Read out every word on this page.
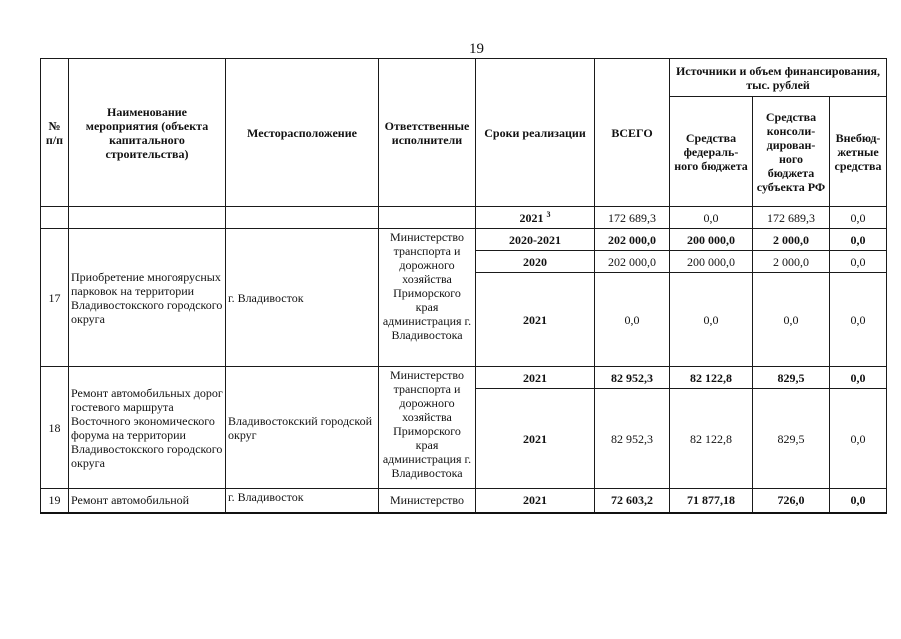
19
№ п/п	Наименование мероприятия (объекта капитального строительства)	Месторасположение	Ответственные исполнители	Сроки реализации	ВСЕГО	Источники и объем финансирования, тыс. рублей		
						Средства федераль-ного бюджета	Средства консоли-дирован-ного бюджета субъекта РФ	Внебюд-жетные средства
				2021 $^3$	172 689,3	0,0	172 689,3	0,0
17	Приобретение многоярусных парковок на территории Владивостокского городского округа	г. Владивосток	Министерство транспорта и дорожного хозяйства Приморского края администрация г. Владивостока	2020-2021	202 000,0	200 000,0	2 000,0	0,0
				2020	202 000,0	200 000,0	2 000,0	0,0
				2021	0,0	0,0	0,0	0,0
18	Ремонт автомобильных дорог гостевого маршрута Восточного экономического форума на территории Владивостокского городского округа	Владивостокский городской округ	Министерство транспорта и дорожного хозяйства Приморского края администрация г. Владивостока	2021	82 952,3	82 122,8	829,5	0,0
				2021	82 952,3	82 122,8	829,5	0,0
19	Ремонт автомобильной	г. Владивосток	Министерство	2021	72 603,2	71 877,18	726,0	0,0
